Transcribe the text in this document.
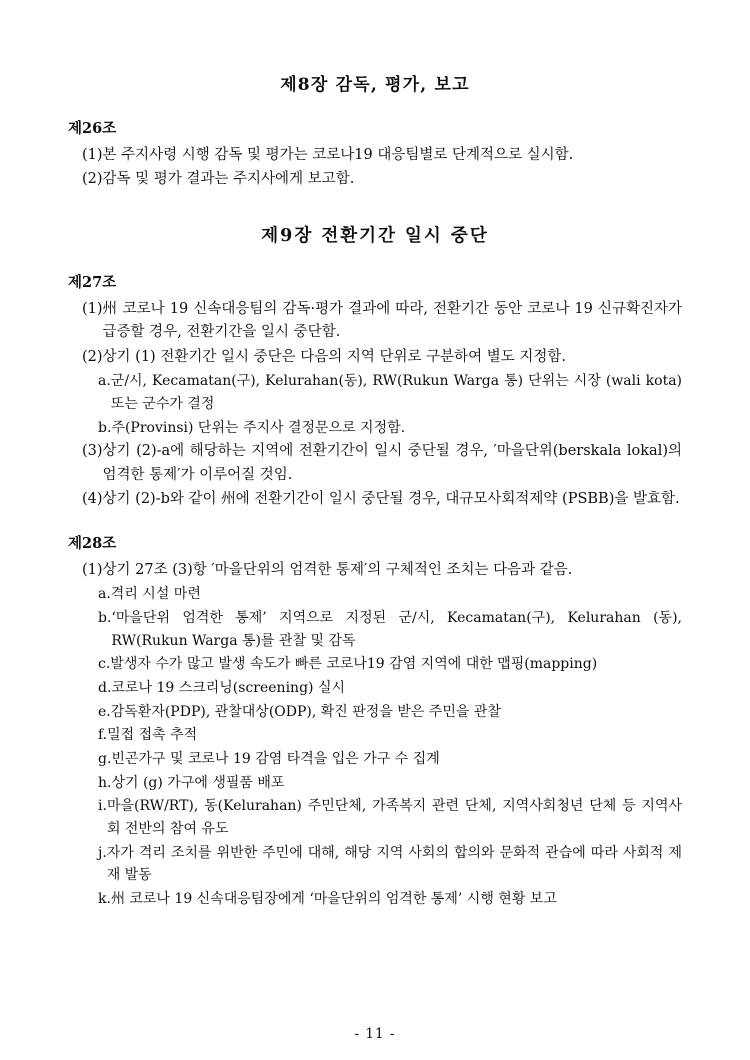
제8장 감독, 평가, 보고
제26조
(1) 본 주지사령 시행 감독 및 평가는 코로나19 대응팀별로 단계적으로 실시함.
(2) 감독 및 평가 결과는 주지사에게 보고함.
제9장 전환기간 일시 중단
제27조
(1) 州 코로나 19 신속대응팀의 감독·평가 결과에 따라, 전환기간 동안 코로나 19 신규확진자가 급증할 경우, 전환기간을 일시 중단함.
(2) 상기 (1) 전환기간 일시 중단은 다음의 지역 단위로 구분하여 별도 지정함.
a. 군/시, Kecamatan(구), Kelurahan(동), RW(Rukun Warga 통) 단위는 시장 (wali kota) 또는 군수가 결정
b. 주(Provinsi) 단위는 주지사 결정문으로 지정함.
(3) 상기 (2)-a에 해당하는 지역에 전환기간이 일시 중단될 경우, ′마을단위(berskala lokal)의 엄격한 통제′가 이루어질 것임.
(4) 상기 (2)-b와 같이 州에 전환기간이 일시 중단될 경우, 대규모사회적제약 (PSBB)을 발효함.
제28조
(1) 상기 27조 (3)항 ′마을단위의 엄격한 통제′의 구체적인 조치는 다음과 같음.
a. 격리 시설 마련
b. ‘마을단위 엄격한 통제’ 지역으로 지정된 군/시, Kecamatan(구), Kelurahan (동), RW(Rukun Warga 통)를 관찰 및 감독
c. 발생자 수가 많고 발생 속도가 빠른 코로나19 감염 지역에 대한 맵핑(mapping)
d. 코로나 19 스크리닝(screening) 실시
e. 감독환자(PDP), 관찰대상(ODP), 확진 판정을 받은 주민을 관찰
f. 밀접 접촉 추적
g. 빈곤가구 및 코로나 19 감염 타격을 입은 가구 수 집계
h. 상기 (g) 가구에 생필품 배포
i. 마을(RW/RT), 동(Kelurahan) 주민단체, 가족복지 관련 단체, 지역사회청년 단체 등 지역사회 전반의 참여 유도
j. 자가 격리 조치를 위반한 주민에 대해, 해당 지역 사회의 합의와 문화적 관습에 따라 사회적 제재 발동
k. 州 코로나 19 신속대응팀장에게 ‘마을단위의 엄격한 통제’ 시행 현황 보고
- 11 -
